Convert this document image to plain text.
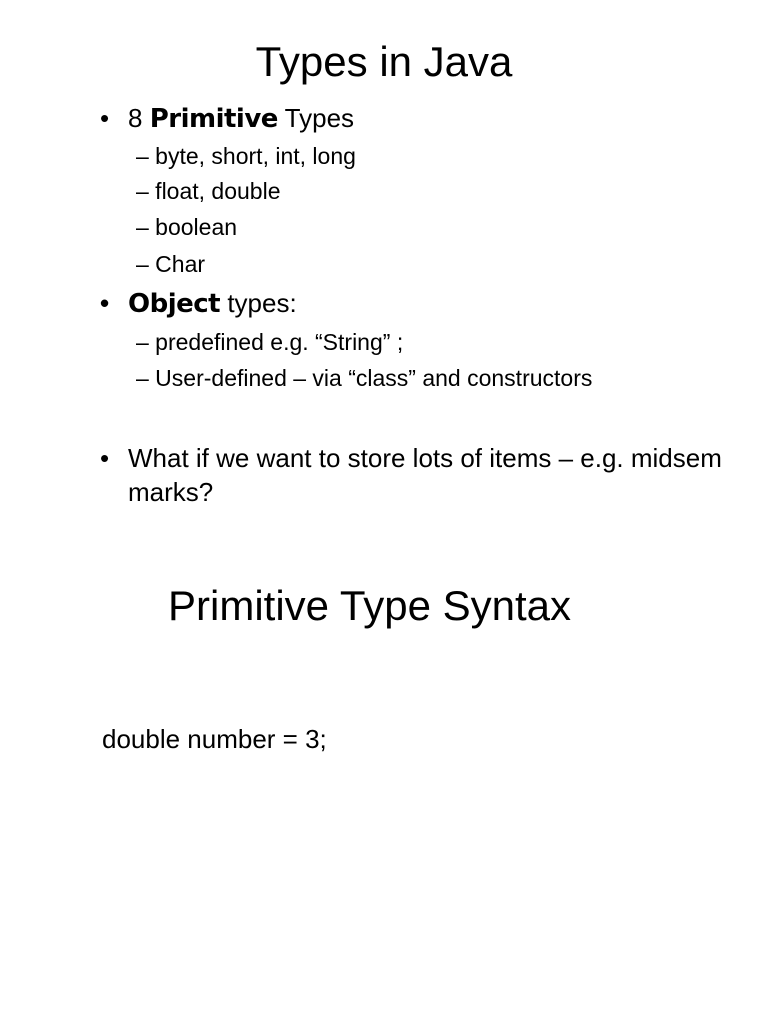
Types in Java
• 8 Primitive Types
– byte, short, int, long
– float, double
– boolean
– Char
• Object types:
– predefined e.g. “String” ;
– User-defined – via “class” and constructors
• What if we want to store lots of items – e.g. midsem marks?
Primitive Type Syntax
double number = 3;
